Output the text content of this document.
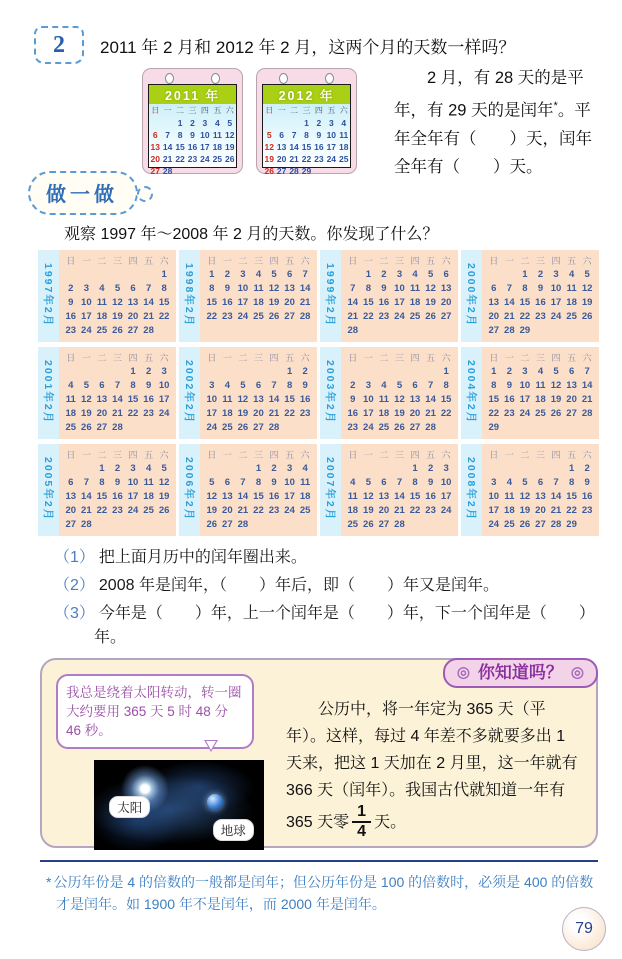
2	2011 年 2 月和 2012 年 2 月，这两个月的天数一样吗？
2011 年
日	一	二	三	四	五	六
		1	2	3	4	5
6	7	8	9	10	11	12
13	14	15	16	17	18	19
20	21	22	23	24	25	26
27	28					
2012 年
日	一	二	三	四	五	六
			1	2	3	4
5	6	7	8	9	10	11
12	13	14	15	16	17	18
19	20	21	22	23	24	25
26	27	28	29			

2 月，有 28 天的是平年，有 29 天的是闰年*。平年全年有（　　）天，闰年全年有（　　）天。

做一做
观察 1997 年～2008 年 2 月的天数。你发现了什么？
1997年2月
日	一	二	三	四	五	六
						1
2	3	4	5	6	7	8
9	10	11	12	13	14	15
16	17	18	19	20	21	22
23	24	25	26	27	28	
1998年2月
日	一	二	三	四	五	六
1	2	3	4	5	6	7
8	9	10	11	12	13	14
15	16	17	18	19	20	21
22	23	24	25	26	27	28	1999年2月
日	一	二	三	四	五	六
	1	2	3	4	5	6
7	8	9	10	11	12	13
14	15	16	17	18	19	20
21	22	23	24	25	26	27
28						
2000年2月
日	一	二	三	四	五	六
		1	2	3	4	5
6	7	8	9	10	11	12
13	14	15	16	17	18	19
20	21	22	23	24	25	26
27	28	29				
2001年2月
日	一	二	三	四	五	六
				1	2	3
4	5	6	7	8	9	10
11	12	13	14	15	16	17
18	19	20	21	22	23	24
25	26	27	28			
2002年2月
日	一	二	三	四	五	六
					1	2
3	4	5	6	7	8	9
10	11	12	13	14	15	16
17	18	19	20	21	22	23
24	25	26	27	28		
2003年2月
日	一	二	三	四	五	六
						1
2	3	4	5	6	7	8
9	10	11	12	13	14	15
16	17	18	19	20	21	22
23	24	25	26	27	28	
2004年2月
日	一	二	三	四	五	六
1	2	3	4	5	6	7
8	9	10	11	12	13	14
15	16	17	18	19	20	21
22	23	24	25	26	27	28
29						
2005年2月
日	一	二	三	四	五	六
		1	2	3	4	5
6	7	8	9	10	11	12
13	14	15	16	17	18	19
20	21	22	23	24	25	26
27	28					
2006年2月
日	一	二	三	四	五	六
			1	2	3	4
5	6	7	8	9	10	11
12	13	14	15	16	17	18
19	20	21	22	23	24	25
26	27	28				
2007年2月
日	一	二	三	四	五	六
				1	2	3
4	5	6	7	8	9	10
11	12	13	14	15	16	17
18	19	20	21	22	23	24
25	26	27	28			
2008年2月
日	一	二	三	四	五	六
					1	2
3	4	5	6	7	8	9
10	11	12	13	14	15	16
17	18	19	20	21	22	23
24	25	26	27	28	29	
（1） 把上面月历中的闰年圈出来。
（2） 2008 年是闰年，（　　）年后，即（　　）年又是闰年。
（3） 今年是（　　）年，上一个闰年是（　　）年，下一个闰年是（　　）年。
◎ 你知道吗？ ◎
我总是绕着太阳转动，转一圈大约要用 365 天 5 时 48 分 46 秒。
太阳
地球

公历中，将一年定为 365 天（平年）。这样，每过 4 年差不多就要多出 1 天来，把这 1 天加在 2 月里，这一年就有 366 天（闰年）。我国古代就知道一年有 365 天零 $\frac{1}{4}$ 天。

* 公历年份是 4 的倍数的一般都是闰年；但公历年份是 100 的倍数时，必须是 400 的倍数才是闰年。如 1900 年不是闰年，而 2000 年是闰年。
79
